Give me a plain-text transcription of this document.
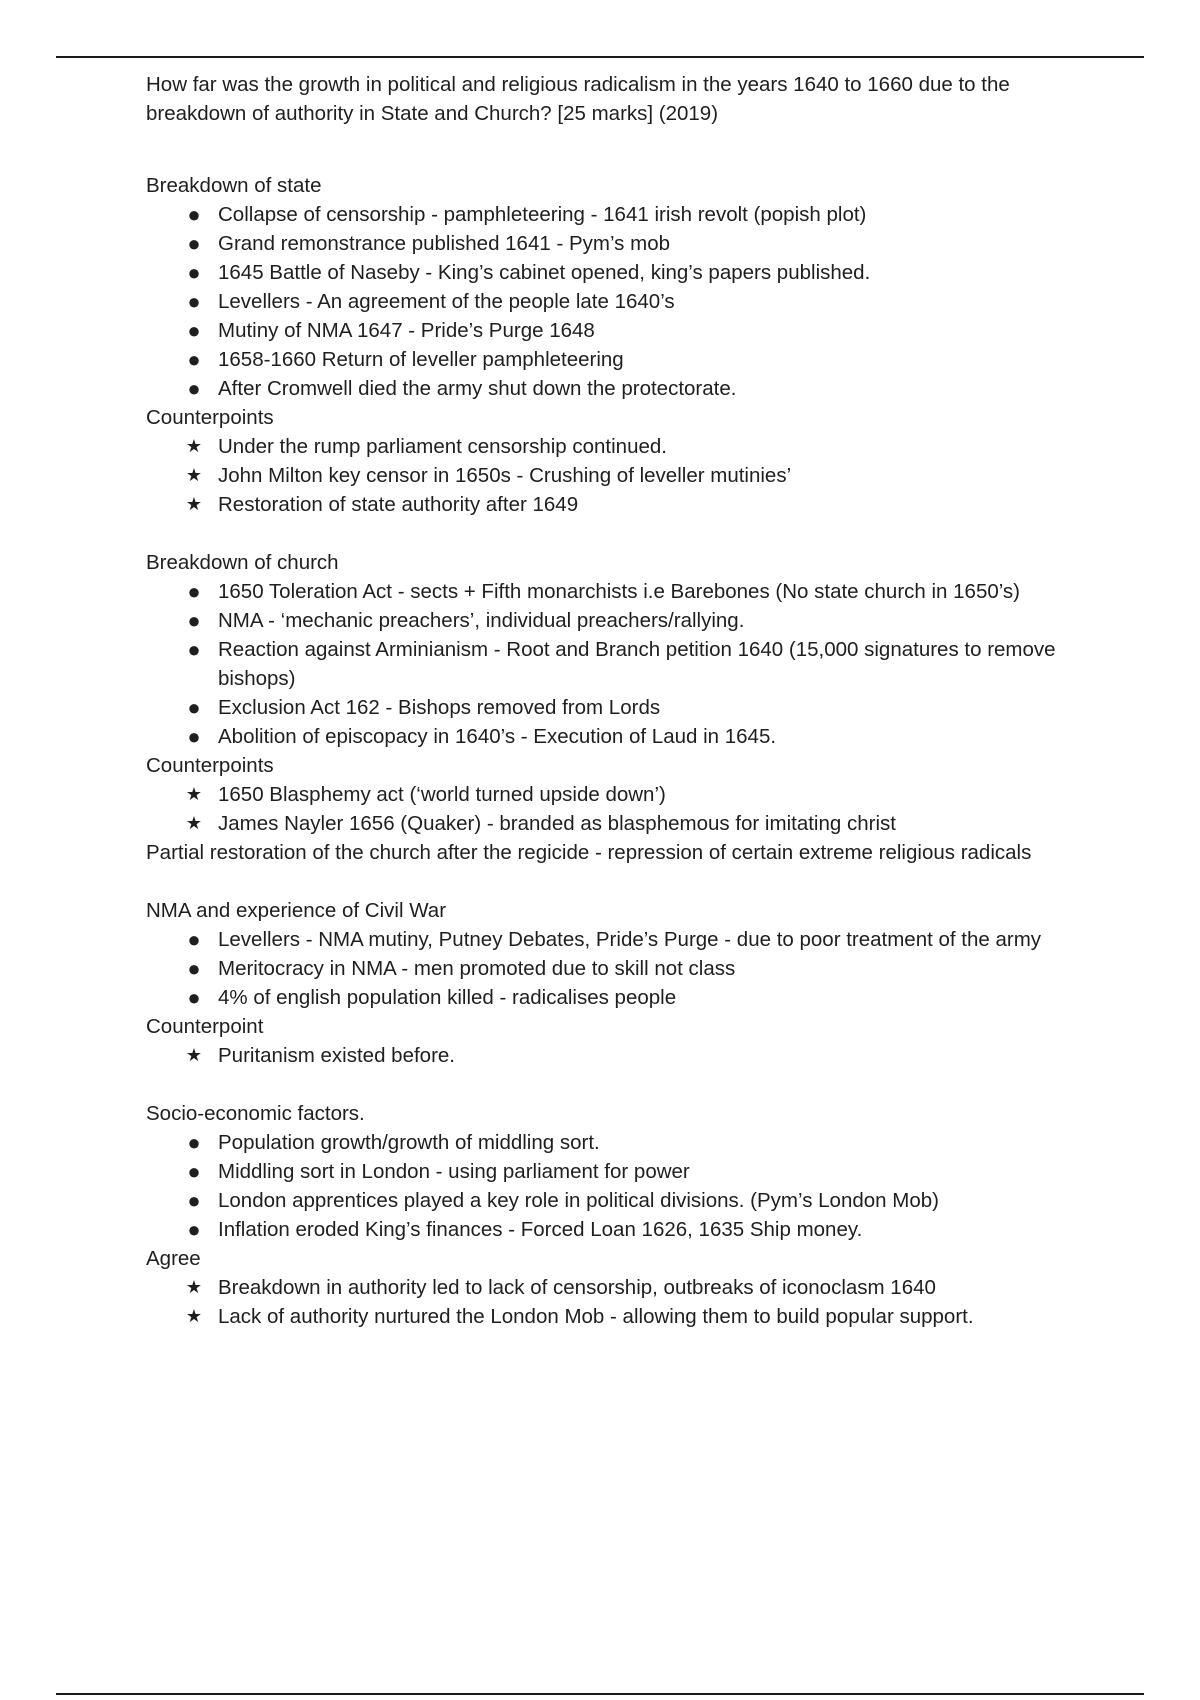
How far was the growth in political and religious radicalism in the years 1640 to 1660 due to the

breakdown of authority in State and Church? [25 marks] (2019)

Breakdown of state

● Collapse of censorship - pamphleteering - 1641 irish revolt (popish plot)
● Grand remonstrance published 1641 - Pym’s mob
● 1645 Battle of Naseby - King’s cabinet opened, king’s papers published.
● Levellers - An agreement of the people late 1640’s
● Mutiny of NMA 1647 - Pride’s Purge 1648
● 1658-1660 Return of leveller pamphleteering
● After Cromwell died the army shut down the protectorate.

Counterpoints

★ Under the rump parliament censorship continued.
★ John Milton key censor in 1650s - Crushing of leveller mutinies’
★ Restoration of state authority after 1649

Breakdown of church

● 1650 Toleration Act - sects + Fifth monarchists i.e Barebones (No state church in 1650’s)
● NMA - ‘mechanic preachers’, individual preachers/rallying.
● Reaction against Arminianism - Root and Branch petition 1640 (15,000 signatures to remove bishops)
● Exclusion Act 162 - Bishops removed from Lords
● Abolition of episcopacy in 1640’s - Execution of Laud in 1645.

Counterpoints

★ 1650 Blasphemy act (‘world turned upside down’)
★ James Nayler 1656 (Quaker) - branded as blasphemous for imitating christ

Partial restoration of the church after the regicide - repression of certain extreme religious radicals

NMA and experience of Civil War

● Levellers - NMA mutiny, Putney Debates, Pride’s Purge - due to poor treatment of the army
● Meritocracy in NMA - men promoted due to skill not class
● 4% of english population killed - radicalises people

Counterpoint

★ Puritanism existed before.

Socio-economic factors.

● Population growth/growth of middling sort.
● Middling sort in London - using parliament for power
● London apprentices played a key role in political divisions. (Pym’s London Mob)
● Inflation eroded King’s finances - Forced Loan 1626, 1635 Ship money.

Agree

★ Breakdown in authority led to lack of censorship, outbreaks of iconoclasm 1640
★ Lack of authority nurtured the London Mob - allowing them to build popular support.
